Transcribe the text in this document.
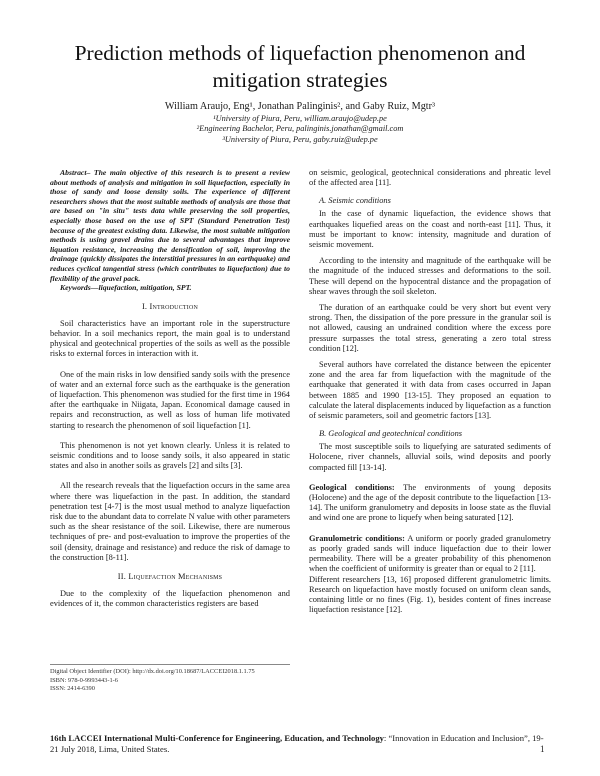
Prediction methods of liquefaction phenomenon and mitigation strategies
William Araujo, Eng¹, Jonathan Palinginis², and Gaby Ruiz, Mgtr³
¹University of Piura, Peru, william.araujo@udep.pe
²Engineering Bachelor, Peru, palinginis.jonathan@gmail.com
³University of Piura, Peru, gaby.ruiz@udep.pe

Abstract– The main objective of this research is to present a review about methods of analysis and mitigation in soil liquefaction, especially in those of sandy and loose density soils. The experience of different researchers shows that the most suitable methods of analysis are those that are based on "in situ" tests data while preserving the soil properties, especially those based on the use of SPT (Standard Penetration Test) because of the greatest existing data. Likewise, the most suitable mitigation methods is using gravel drains due to several advantages that improve liquation resistance, increasing the densification of soil, improving the drainage (quickly dissipates the interstitial pressures in an earthquake) and reduces cyclical tangential stress (which contributes to liquefaction) due to flexibility of the gravel pack.

Keywords—liquefaction, mitigation, SPT.

I. Introduction

Soil characteristics have an important role in the superstructure behavior. In a soil mechanics report, the main goal is to understand physical and geotechnical properties of the soils as well as the possible risks to external forces in interaction with it.

One of the main risks in low densified sandy soils with the presence of water and an external force such as the earthquake is the generation of liquefaction. This phenomenon was studied for the first time in 1964 after the earthquake in Niigata, Japan. Economical damage caused in repairs and reconstruction, as well as loss of human life motivated starting to research the phenomenon of soil liquefaction [1].

This phenomenon is not yet known clearly. Unless it is related to seismic conditions and to loose sandy soils, it also appeared in static states and also in another soils as gravels [2] and silts [3].

All the research reveals that the liquefaction occurs in the same area where there was liquefaction in the past. In addition, the standard penetration test [4-7] is the most usual method to analyze liquefaction risk due to the abundant data to correlate N value with other parameters such as the shear resistance of the soil. Likewise, there are numerous techniques of pre- and post-evaluation to improve the properties of the soil (density, drainage and resistance) and reduce the risk of damage to the construction [8-11].

II. Liquefaction Mechanisms

Due to the complexity of the liquefaction phenomenon and evidences of it, the common characteristics registers are based

Digital Object Identifier (DOI): http://dx.doi.org/10.18687/LACCEI2018.1.1.75
ISBN: 978-0-9993443-1-6
ISSN: 2414-6390

on seismic, geological, geotechnical considerations and phreatic level of the affected area [11].

A. Seismic conditions

In the case of dynamic liquefaction, the evidence shows that earthquakes liquefied areas on the coast and north-east [11]. Thus, it must be important to know: intensity, magnitude and duration of seismic movement.

According to the intensity and magnitude of the earthquake will be the magnitude of the induced stresses and deformations to the soil. These will depend on the hypocentral distance and the propagation of shear waves through the soil skeleton.

The duration of an earthquake could be very short but event very strong. Then, the dissipation of the pore pressure in the granular soil is not allowed, causing an undrained condition where the excess pore pressure surpasses the total stress, generating a zero total stress condition [12].

Several authors have correlated the distance between the epicenter zone and the area far from liquefaction with the magnitude of the earthquake that generated it with data from cases occurred in Japan between 1885 and 1990 [13-15]. They proposed an equation to calculate the lateral displacements induced by liquefaction as a function of seismic parameters, soil and geometric factors [13].

B. Geological and geotechnical conditions

The most susceptible soils to liquefying are saturated sediments of Holocene, river channels, alluvial soils, wind deposits and poorly compacted fill [13-14].

Geological conditions: The environments of young deposits (Holocene) and the age of the deposit contribute to the liquefaction [13-14]. The uniform granulometry and deposits in loose state as the fluvial and wind one are prone to liquefy when being saturated [12].

Granulometric conditions: A uniform or poorly graded granulometry as poorly graded sands will induce liquefaction due to their lower permeability. There will be a greater probability of this phenomenon when the coefficient of uniformity is greater than or equal to 2 [11].

Different researchers [13, 16] proposed different granulometric limits. Research on liquefaction have mostly focused on uniform clean sands, containing little or no fines (Fig. 1), besides content of fines increase liquefaction resistance [12].

16th LACCEI International Multi-Conference for Engineering, Education, and Technology: “Innovation in Education and Inclusion”, 19-21 July 2018, Lima, United States.	1
